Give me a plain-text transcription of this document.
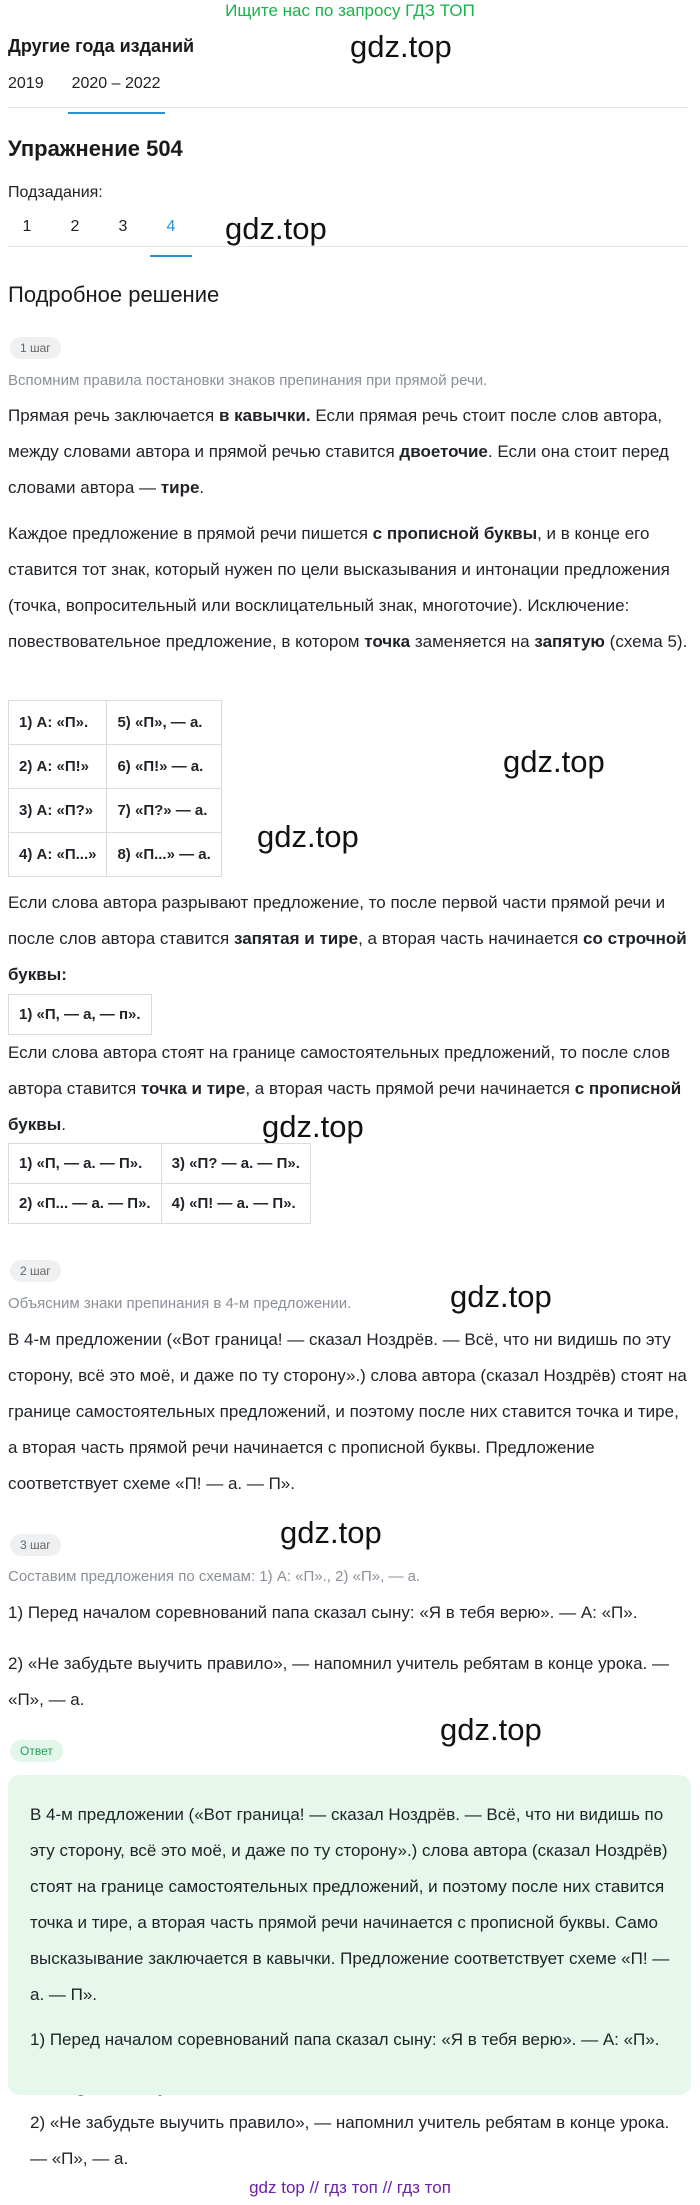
Ищите нас по запросу ГДЗ ТОП
gdz.top
gdz.top
gdz.top
gdz.top
gdz.top
gdz.top
gdz.top
gdz.top
Другие года изданий
2019 2020 – 2022
Упражнение 504
Подзадания:
1	2	3	4
Подробное решение
1 шаг
Вспомним правила постановки знаков препинания при прямой речи.
Прямая речь заключается в кавычки. Если прямая речь стоит после слов автора, между словами автора и прямой речью ставится двоеточие. Если она стоит перед словами автора — тире.
Каждое предложение в прямой речи пишется с прописной буквы, и в конце его ставится тот знак, который нужен по цели высказывания и интонации предложения (точка, вопросительный или восклицательный знак, многоточие). Исключение: повествовательное предложение, в котором точка заменяется на запятую (схема 5).
1) А: «П».	5) «П», — а.
2) А: «П!»	6) «П!» — а.
3) А: «П?»	7) «П?» — а.
4) А: «П...»	8) «П...» — а.
Если слова автора разрывают предложение, то после первой части прямой речи и после слов автора ставится запятая и тире, а вторая часть начинается со строчной буквы:
1) «П, — а, — п».
Если слова автора стоят на границе самостоятельных предложений, то после слов автора ставится точка и тире, а вторая часть прямой речи начинается с прописной буквы.
1) «П, — а. — П».	3) «П? — а. — П».
2) «П... — а. — П».	4) «П! — а. — П».
2 шаг
Объясним знаки препинания в 4-м предложении.
В 4-м предложении («Вот граница! — сказал Ноздрёв. — Всё, что ни видишь по эту сторону, всё это моё, и даже по ту сторону».) слова автора (сказал Ноздрёв) стоят на границе самостоятельных предложений, и поэтому после них ставится точка и тире, а вторая часть прямой речи начинается с прописной буквы. Предложение соответствует схеме «П! — а. — П».
3 шаг
Составим предложения по схемам: 1) А: «П»., 2) «П», — а.
1) Перед началом соревнований папа сказал сыну: «Я в тебя верю». — А: «П».
2) «Не забудьте выучить правило», — напомнил учитель ребятам в конце урока. — «П», — а.
Ответ
В 4-м предложении («Вот граница! — сказал Ноздрёв. — Всё, что ни видишь по эту сторону, всё это моё, и даже по ту сторону».) слова автора (сказал Ноздрёв) стоят на границе самостоятельных предложений, и поэтому после них ставится точка и тире, а вторая часть прямой речи начинается с прописной буквы. Само высказывание заключается в кавычки. Предложение соответствует схеме «П! — а. — П».
1) Перед началом соревнований папа сказал сыну: «Я в тебя верю». — А: «П».
2) «Не забудьте выучить правило», — напомнил учитель ребятам в конце урока. — «П», — а.
gdz top // гдз топ // гдз топ
